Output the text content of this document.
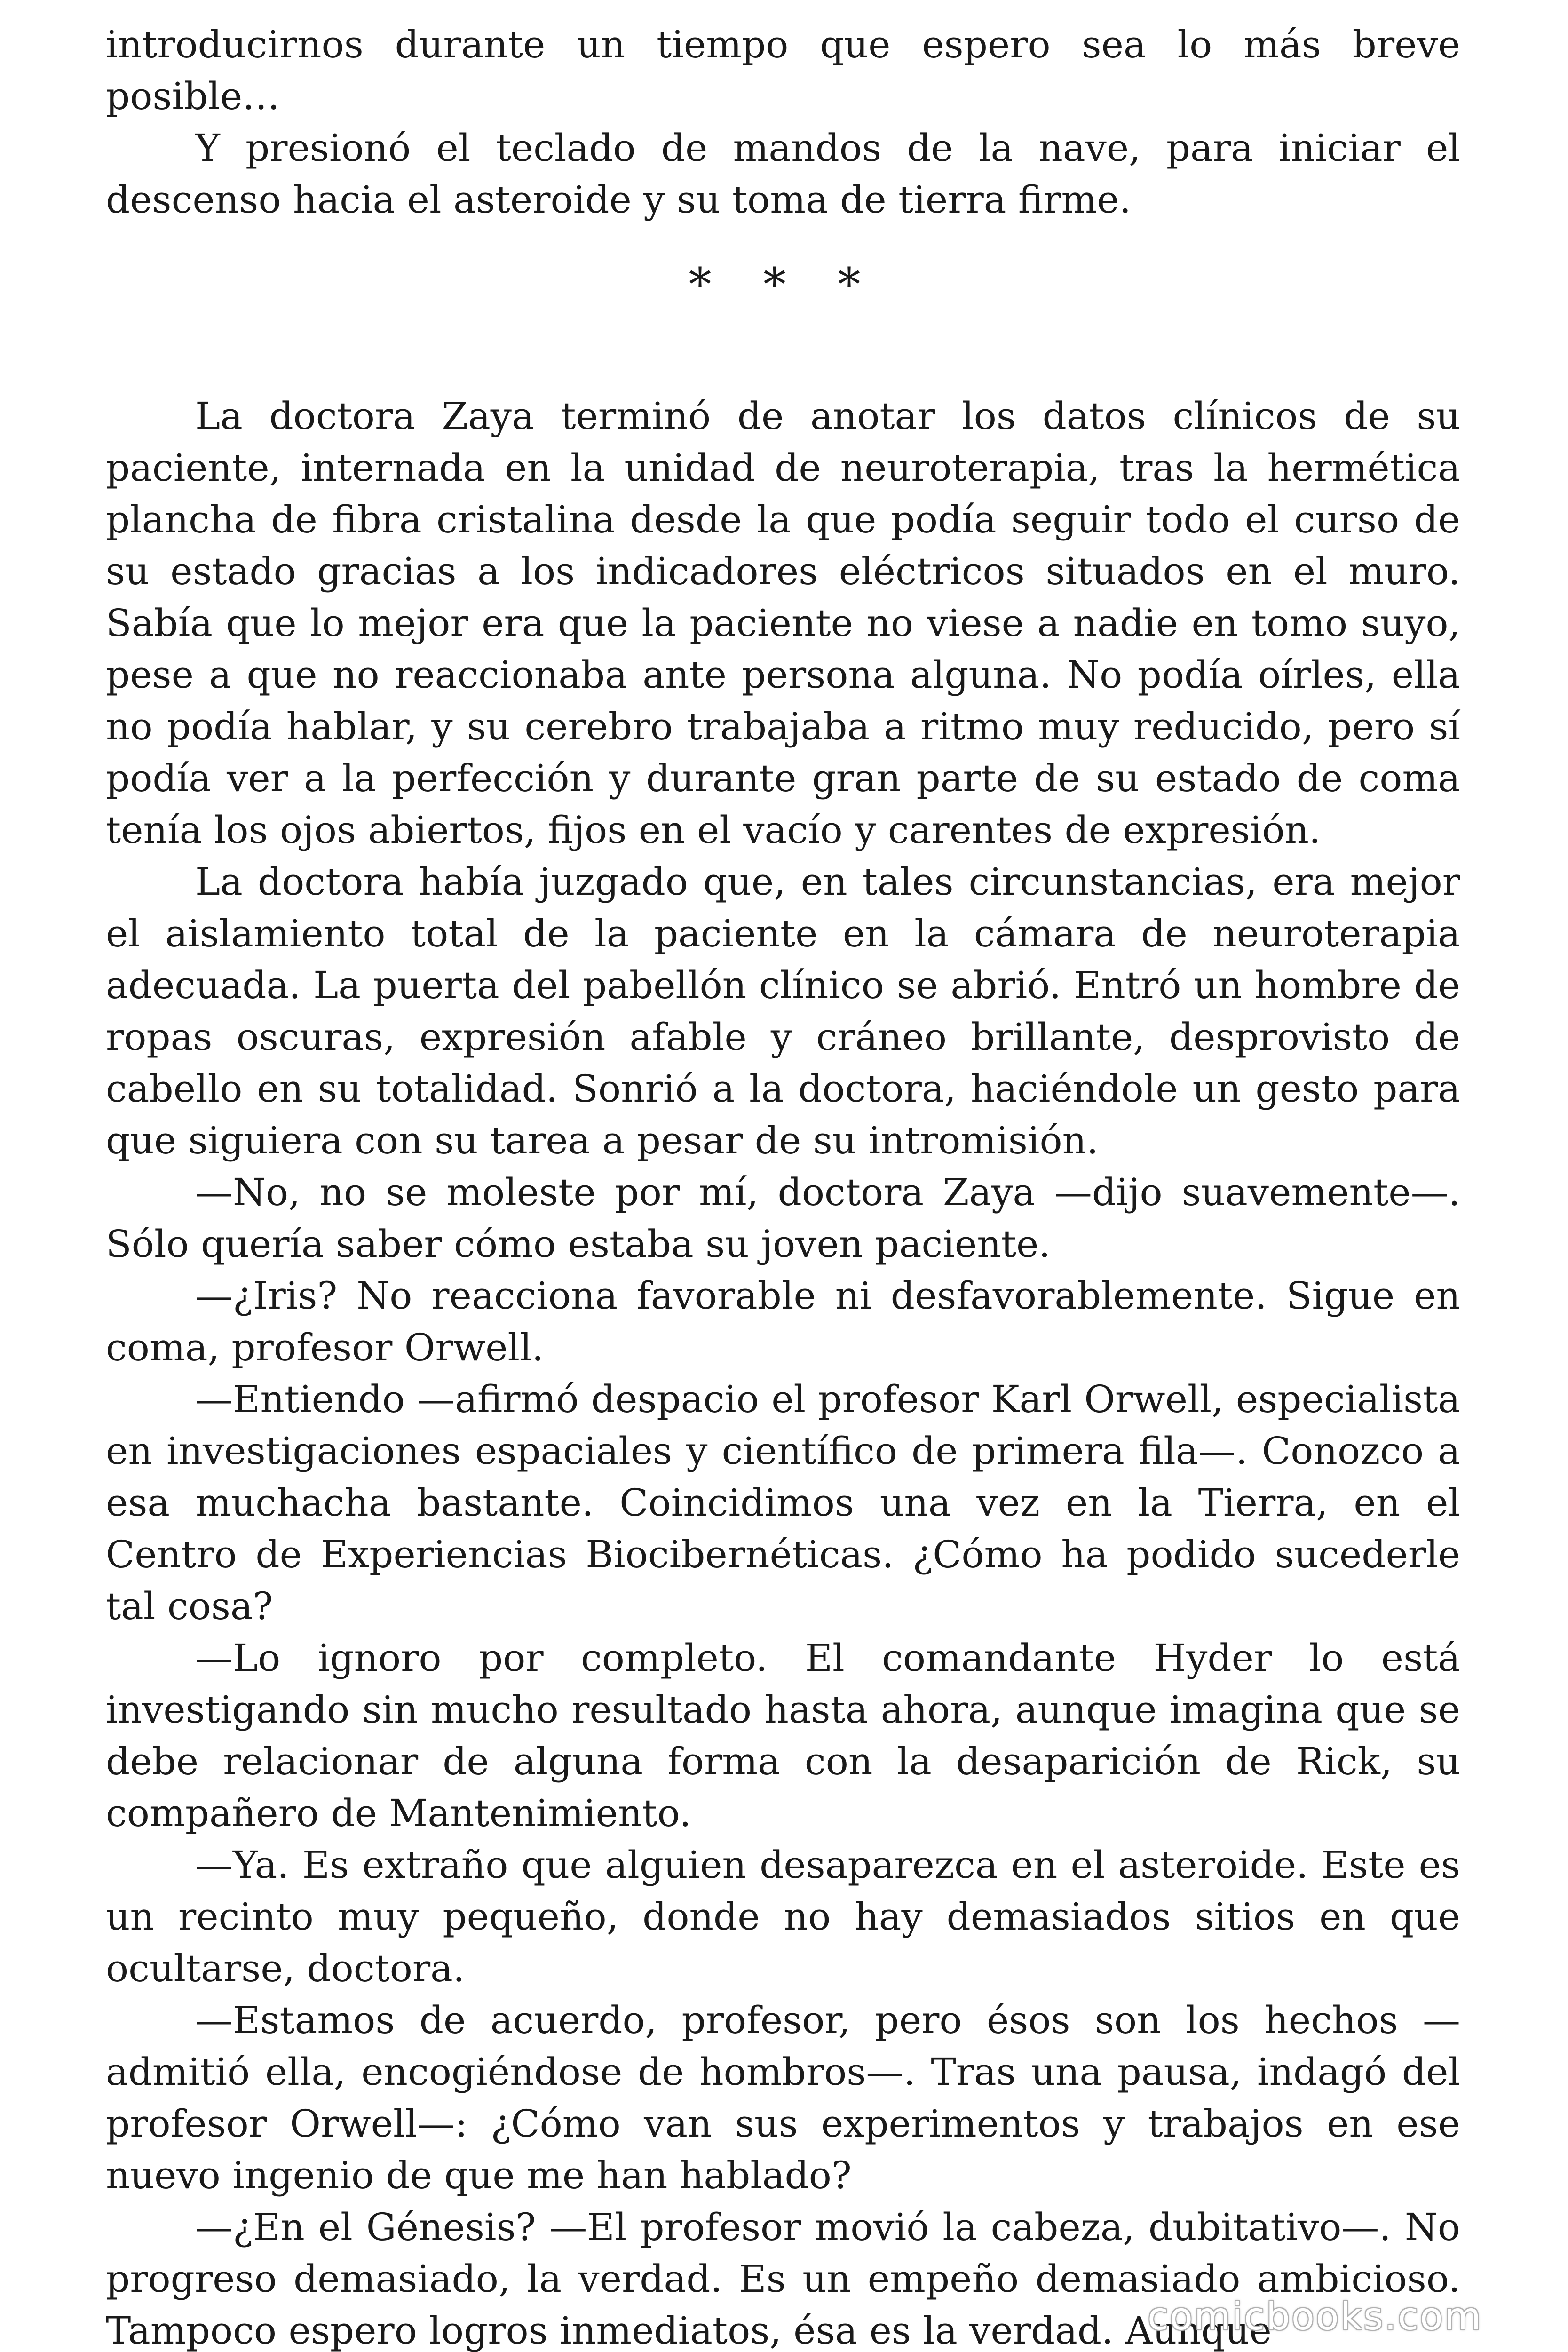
introducirnos durante un tiempo que espero sea lo más breve posible…

Y presionó el teclado de mandos de la nave, para iniciar el descenso hacia el asteroide y su toma de tierra firme.

* * *

La doctora Zaya terminó de anotar los datos clínicos de su paciente, internada en la unidad de neuroterapia, tras la hermética plancha de fibra cristalina desde la que podía seguir todo el curso de su estado gracias a los indicadores eléctricos situados en el muro. Sabía que lo mejor era que la paciente no viese a nadie en tomo suyo, pese a que no reaccionaba ante persona alguna. No podía oírles, ella no podía hablar, y su cerebro trabajaba a ritmo muy reducido, pero sí podía ver a la perfección y durante gran parte de su estado de coma tenía los ojos abiertos, fijos en el vacío y carentes de expresión.

La doctora había juzgado que, en tales circunstancias, era mejor el aislamiento total de la paciente en la cámara de neuroterapia adecuada. La puerta del pabellón clínico se abrió. Entró un hombre de ropas oscuras, expresión afable y cráneo brillante, desprovisto de cabello en su totalidad. Sonrió a la doctora, haciéndole un gesto para que siguiera con su tarea a pesar de su intromisión.

—No, no se moleste por mí, doctora Zaya —dijo suavemente—. Sólo quería saber cómo estaba su joven paciente.

—¿Iris? No reacciona favorable ni desfavorablemente. Sigue en coma, profesor Orwell.

—Entiendo —afirmó despacio el profesor Karl Orwell, especialista en investigaciones espaciales y científico de primera fila—. Conozco a esa muchacha bastante. Coincidimos una vez en la Tierra, en el Centro de Experiencias Biocibernéticas. ¿Cómo ha podido sucederle tal cosa?

—Lo ignoro por completo. El comandante Hyder lo está investigando sin mucho resultado hasta ahora, aunque imagina que se debe relacionar de alguna forma con la desaparición de Rick, su compañero de Mantenimiento.

—Ya. Es extraño que alguien desaparezca en el asteroide. Este es un recinto muy pequeño, donde no hay demasiados sitios en que ocultarse, doctora.

—Estamos de acuerdo, profesor, pero ésos son los hechos —admitió ella, encogiéndose de hombros—. Tras una pausa, indagó del profesor Orwell—: ¿Cómo van sus experimentos y trabajos en ese nuevo ingenio de que me han hablado?

—¿En el Génesis? —El profesor movió la cabeza, dubitativo—. No progreso demasiado, la verdad. Es un empeño demasiado ambicioso. Tampoco espero logros inmediatos, ésa es la verdad. Aunque

comicbooks.com
